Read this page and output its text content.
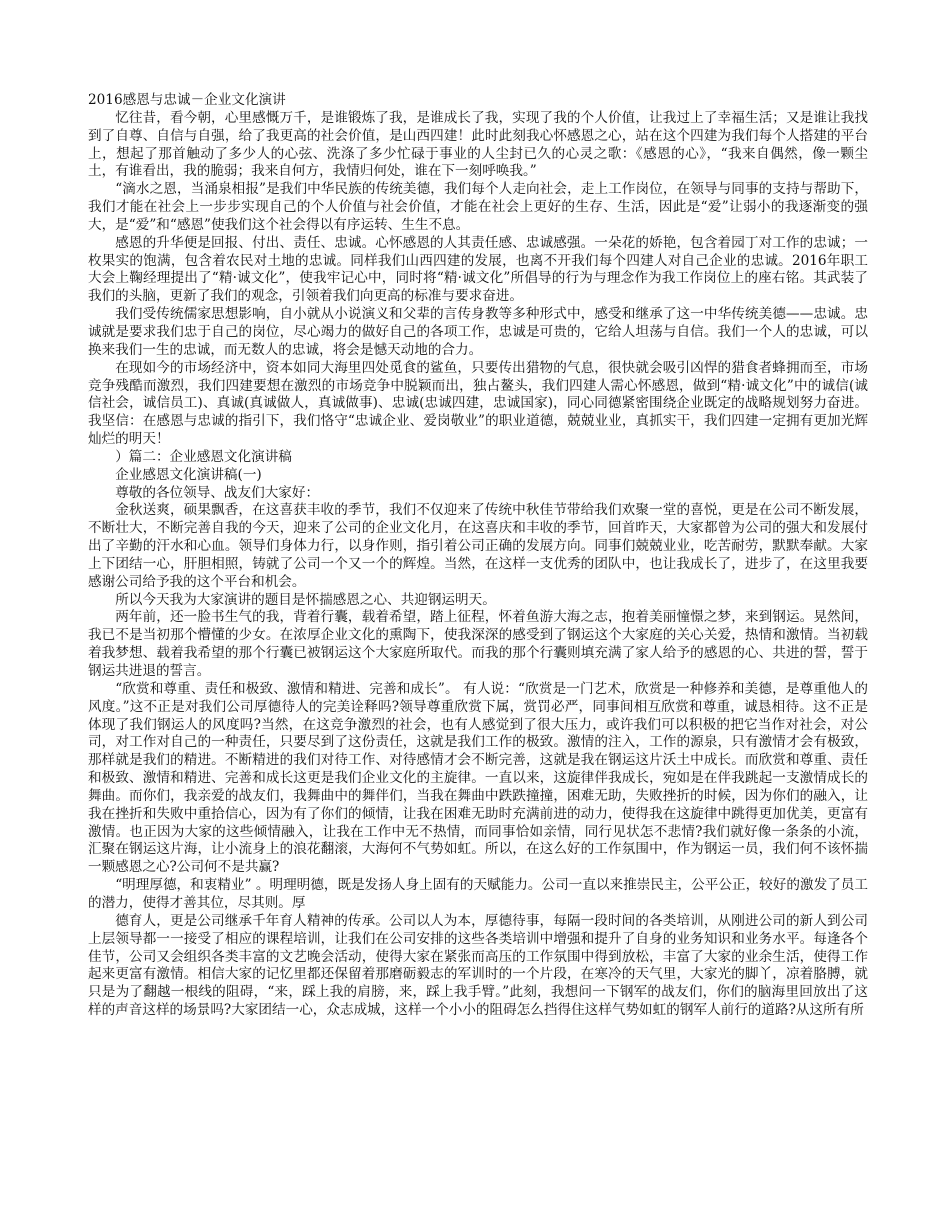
2016感恩与忠诚－企业文化演讲

忆往昔，看今朝，心里感慨万千，是谁锻炼了我，是谁成长了我，实现了我的个人价值，让我过上了幸福生活；又是谁让我找到了自尊、自信与自强，给了我更高的社会价值，是山西四建！此时此刻我心怀感恩之心，站在这个四建为我们每个人搭建的平台上，想起了那首触动了多少人的心弦、洗涤了多少忙碌于事业的人尘封已久的心灵之歌：《感恩的心》，“我来自偶然，像一颗尘土，有谁看出，我的脆弱；我来自何方，我情归何处，谁在下一刻呼唤我。”

“滴水之恩，当涌泉相报”是我们中华民族的传统美德，我们每个人走向社会，走上工作岗位，在领导与同事的支持与帮助下，我们才能在社会上一步步实现自己的个人价值与社会价值，才能在社会上更好的生存、生活，因此是“爱”让弱小的我逐渐变的强大，是“爱”和“感恩”使我们这个社会得以有序运转、生生不息。

感恩的升华便是回报、付出、责任、忠诚。心怀感恩的人其责任感、忠诚感强。一朵花的娇艳，包含着园丁对工作的忠诚；一枚果实的饱满，包含着农民对土地的忠诚。同样我们山西四建的发展，也离不开我们每个四建人对自己企业的忠诚。2016年职工大会上鞠经理提出了“精·诚文化”，使我牢记心中，同时将“精·诚文化”所倡导的行为与理念作为我工作岗位上的座右铭。其武装了我们的头脑，更新了我们的观念，引领着我们向更高的标准与要求奋进。

我们受传统儒家思想影响，自小就从小说演义和父辈的言传身教等多种形式中，感受和继承了这一中华传统美德——忠诚。忠诚就是要求我们忠于自己的岗位，尽心竭力的做好自己的各项工作，忠诚是可贵的，它给人坦荡与自信。我们一个人的忠诚，可以换来我们一生的忠诚，而无数人的忠诚，将会是憾天动地的合力。

在现如今的市场经济中，资本如同大海里四处觅食的鲨鱼，只要传出猎物的气息，很快就会吸引凶悍的猎食者蜂拥而至，市场竞争残酷而激烈，我们四建要想在激烈的市场竞争中脱颖而出，独占鳌头，我们四建人需心怀感恩，做到“精·诚文化”中的诚信(诚信社会，诚信员工)、真诚(真诚做人，真诚做事)、忠诚(忠诚四建，忠诚国家)，同心同德紧密围绕企业既定的战略规划努力奋进。我坚信：在感恩与忠诚的指引下，我们恪守“忠诚企业、爱岗敬业”的职业道德，兢兢业业，真抓实干，我们四建一定拥有更加光辉灿烂的明天！

）篇二：企业感恩文化演讲稿

企业感恩文化演讲稿(一)

尊敬的各位领导、战友们大家好：

金秋送爽，硕果飘香，在这喜获丰收的季节，我们不仅迎来了传统中秋佳节带给我们欢聚一堂的喜悦，更是在公司不断发展，不断壮大，不断完善自我的今天，迎来了公司的企业文化月，在这喜庆和丰收的季节，回首昨天，大家都曾为公司的强大和发展付出了辛勤的汗水和心血。领导们身体力行，以身作则，指引着公司正确的发展方向。同事们兢兢业业，吃苦耐劳，默默奉献。大家上下团结一心，肝胆相照，铸就了公司一个又一个的辉煌。当然，在这样一支优秀的团队中，也让我成长了，进步了，在这里我要感谢公司给予我的这个平台和机会。

所以今天我为大家演讲的题目是怀揣感恩之心、共迎钢运明天。

两年前，还一脸书生气的我，背着行囊，载着希望，踏上征程，怀着鱼游大海之志，抱着美丽憧憬之梦，来到钢运。晃然间，我已不是当初那个懵懂的少女。在浓厚企业文化的熏陶下，使我深深的感受到了钢运这个大家庭的关心关爱，热情和激情。当初载着我梦想、载着我希望的那个行囊已被钢运这个大家庭所取代。而我的那个行囊则填充满了家人给予的感恩的心、共进的誓，誓于钢运共进退的誓言。

“欣赏和尊重、责任和极致、激情和精进、完善和成长”。 有人说：“欣赏是一门艺术，欣赏是一种修养和美德，是尊重他人的风度。”这不正是对我们公司厚德待人的完美诠释吗?领导尊重欣赏下属，赏罚必严，同事间相互欣赏和尊重，诚恳相待。这不正是体现了我们钢运人的风度吗?当然，在这竞争激烈的社会，也有人感觉到了很大压力，或许我们可以积极的把它当作对社会，对公司，对工作对自己的一种责任，只要尽到了这份责任，这就是我们工作的极致。激情的注入，工作的源泉，只有激情才会有极致，那样就是我们的精进。不断精进的我们对待工作、对待感情才会不断完善，这就是我在钢运这片沃土中成长。而欣赏和尊重、责任和极致、激情和精进、完善和成长这更是我们企业文化的主旋律。一直以来，这旋律伴我成长，宛如是在伴我跳起一支激情成长的舞曲。而你们，我亲爱的战友们，我舞曲中的舞伴们，当我在舞曲中跌跌撞撞，困难无助，失败挫折的时候，因为你们的融入，让我在挫折和失败中重拾信心，因为有了你们的倾情，让我在困难无助时充满前进的动力，使得我在这旋律中跳得更加优美，更富有激情。也正因为大家的这些倾情融入，让我在工作中无不热情，而同事恰如亲情，同行见状怎不悲情?我们就好像一条条的小流，汇聚在钢运这片海，让小流身上的浪花翻滚，大海何不气势如虹。所以，在这么好的工作氛围中，作为钢运一员，我们何不该怀揣一颗感恩之心?公司何不是共赢?

“明理厚德，和衷精业” 。明理明德，既是发扬人身上固有的天赋能力。公司一直以来推崇民主，公平公正，较好的激发了员工的潜力，使得才善其位，尽其则。厚

德育人，更是公司继承千年育人精神的传承。公司以人为本，厚德待事，每隔一段时间的各类培训，从刚进公司的新人到公司上层领导都一一接受了相应的课程培训，让我们在公司安排的这些各类培训中增强和提升了自身的业务知识和业务水平。每逢各个佳节，公司又会组织各类丰富的文艺晚会活动，使得大家在紧张而高压的工作氛围中得到放松，丰富了大家的业余生活，使得工作起来更富有激情。相信大家的记忆里都还保留着那磨砺毅志的军训时的一个片段，在寒冷的天气里，大家光的脚丫，凉着胳膊，就只是为了翻越一根线的阻碍，“来，踩上我的肩膀，来，踩上我手臂。”此刻，我想问一下钢军的战友们，你们的脑海里回放出了这样的声音这样的场景吗?大家团结一心，众志成城，这样一个小小的阻碍怎么挡得住这样气势如虹的钢军人前行的道路?从这所有所
